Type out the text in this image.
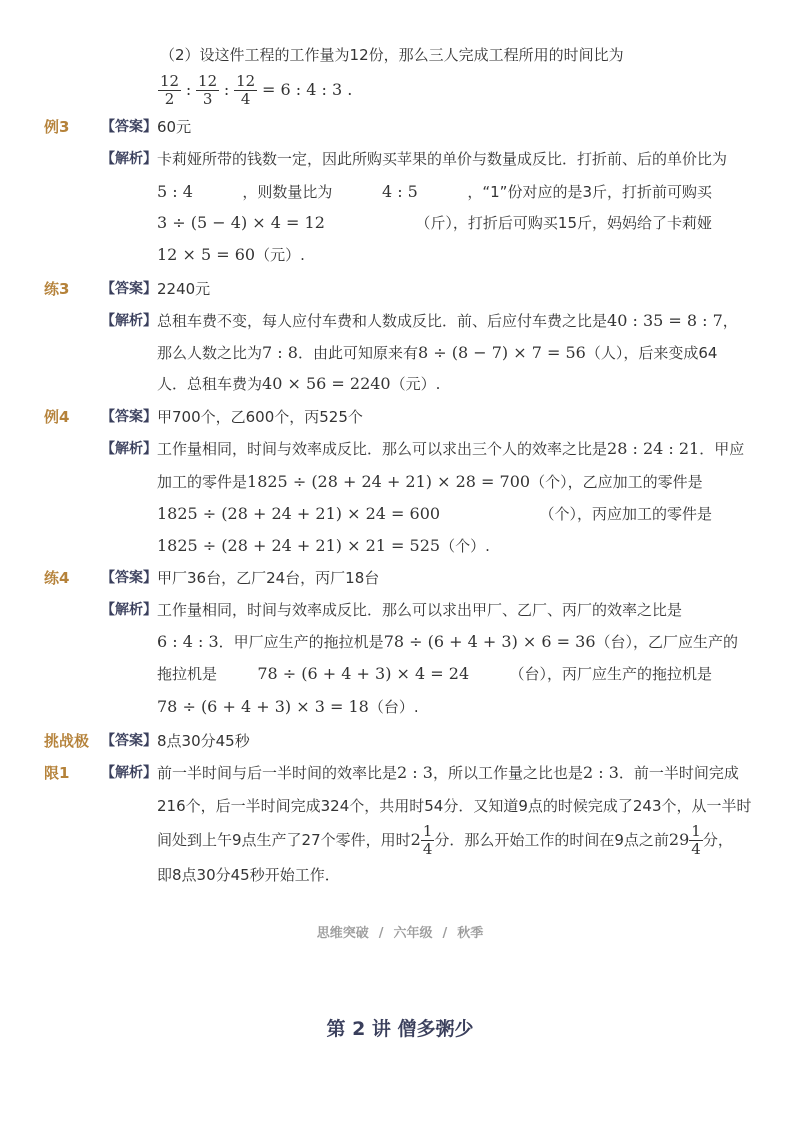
（2）设这件工程的工作量为12份，那么三人完成工程所用的时间比为
$\frac{12}{2}$ : $\frac{12}{3}$ : $\frac{12}{4} = 6$ : 4 : 3 .
例3 【答案】 60元
【解析】 卡莉娅所带的钱数一定，因此所购买苹果的单价与数量成反比．打折前、后的单价比为
5 : 4	，则数量比为	4 : 5	，“1”份对应的是3斤，打折前可购买
3 ÷ (5 − 4) × 4 = 12	（斤），打折后可购买15斤，妈妈给了卡莉娅
12 × 5 = 60（元）.
练3 【答案】 2240元
【解析】 总租车费不变，每人应付车费和人数成反比．前、后应付车费之比是40 : 35 = 8 : 7，
那么人数之比为7 : 8．由此可知原来有8 ÷ (8 − 7) × 7 = 56（人），后来变成64
人．总租车费为40 × 56 = 2240（元）.
例4 【答案】 甲700个，乙600个，丙525个
【解析】 工作量相同，时间与效率成反比．那么可以求出三个人的效率之比是28 : 24 : 21．甲应
加工的零件是1825 ÷ (28 + 24 + 21) × 28 = 700（个），乙应加工的零件是
1825 ÷ (28 + 24 + 21) × 24 = 600	（个），丙应加工的零件是
1825 ÷ (28 + 24 + 21) × 21 = 525（个）.
练4 【答案】 甲厂36台，乙厂24台，丙厂18台
【解析】 工作量相同，时间与效率成反比．那么可以求出甲厂、乙厂、丙厂的效率之比是
6 : 4 : 3．甲厂应生产的拖拉机是78 ÷ (6 + 4 + 3) × 6 = 36（台），乙厂应生产的
拖拉机是	78 ÷ (6 + 4 + 3) × 4 = 24	（台），丙厂应生产的拖拉机是
78 ÷ (6 + 4 + 3) × 3 = 18（台）.
挑战极 【答案】 8点30分45秒
限1 【解析】 前一半时间与后一半时间的效率比是2 : 3，所以工作量之比也是2 : 3．前一半时间完成
216个，后一半时间完成324个，共用时54分．又知道9点的时候完成了243个，从一半时
间处到上午9点生产了27个零件，用时$2 \frac{1}{4}$ 分．那么开始工作的时间在9点之前$29 \frac{1}{4}$ 分，
即8点30分45秒开始工作．
思维突破 / 六年级 / 秋季
第 2 讲 僧多粥少
